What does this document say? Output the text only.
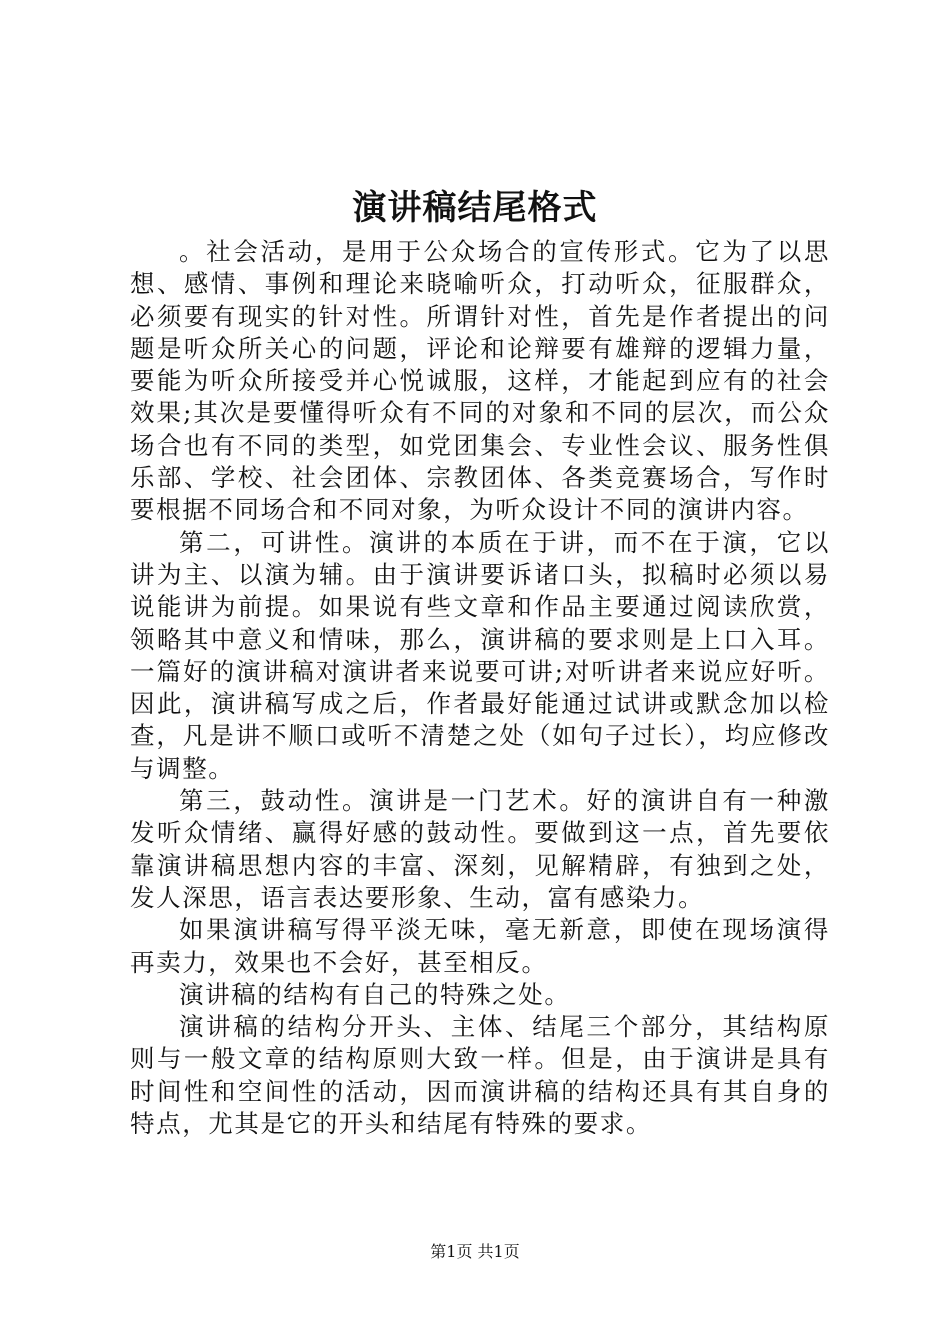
演讲稿结尾格式

。社会活动，是用于公众场合的宣传形式。它为了以思想、感情、事例和理论来晓喻听众，打动听众，征服群众，必须要有现实的针对性。所谓针对性，首先是作者提出的问题是听众所关心的问题，评论和论辩要有雄辩的逻辑力量，要能为听众所接受并心悦诚服，这样，才能起到应有的社会效果;其次是要懂得听众有不同的对象和不同的层次，而公众场合也有不同的类型，如党团集会、专业性会议、服务性俱乐部、学校、社会团体、宗教团体、各类竞赛场合，写作时要根据不同场合和不同对象，为听众设计不同的演讲内容。

第二，可讲性。演讲的本质在于讲，而不在于演，它以讲为主、以演为辅。由于演讲要诉诸口头，拟稿时必须以易说能讲为前提。如果说有些文章和作品主要通过阅读欣赏，领略其中意义和情味，那么，演讲稿的要求则是上口入耳。一篇好的演讲稿对演讲者来说要可讲;对听讲者来说应好听。因此，演讲稿写成之后，作者最好能通过试讲或默念加以检查，凡是讲不顺口或听不清楚之处（如句子过长），均应修改与调整。

第三，鼓动性。演讲是一门艺术。好的演讲自有一种激发听众情绪、赢得好感的鼓动性。要做到这一点，首先要依靠演讲稿思想内容的丰富、深刻，见解精辟，有独到之处，发人深思，语言表达要形象、生动，富有感染力。

如果演讲稿写得平淡无味，毫无新意，即使在现场演得再卖力，效果也不会好，甚至相反。

演讲稿的结构有自己的特殊之处。

演讲稿的结构分开头、主体、结尾三个部分，其结构原则与一般文章的结构原则大致一样。但是，由于演讲是具有时间性和空间性的活动，因而演讲稿的结构还具有其自身的特点，尤其是它的开头和结尾有特殊的要求。

第1页 共1页
